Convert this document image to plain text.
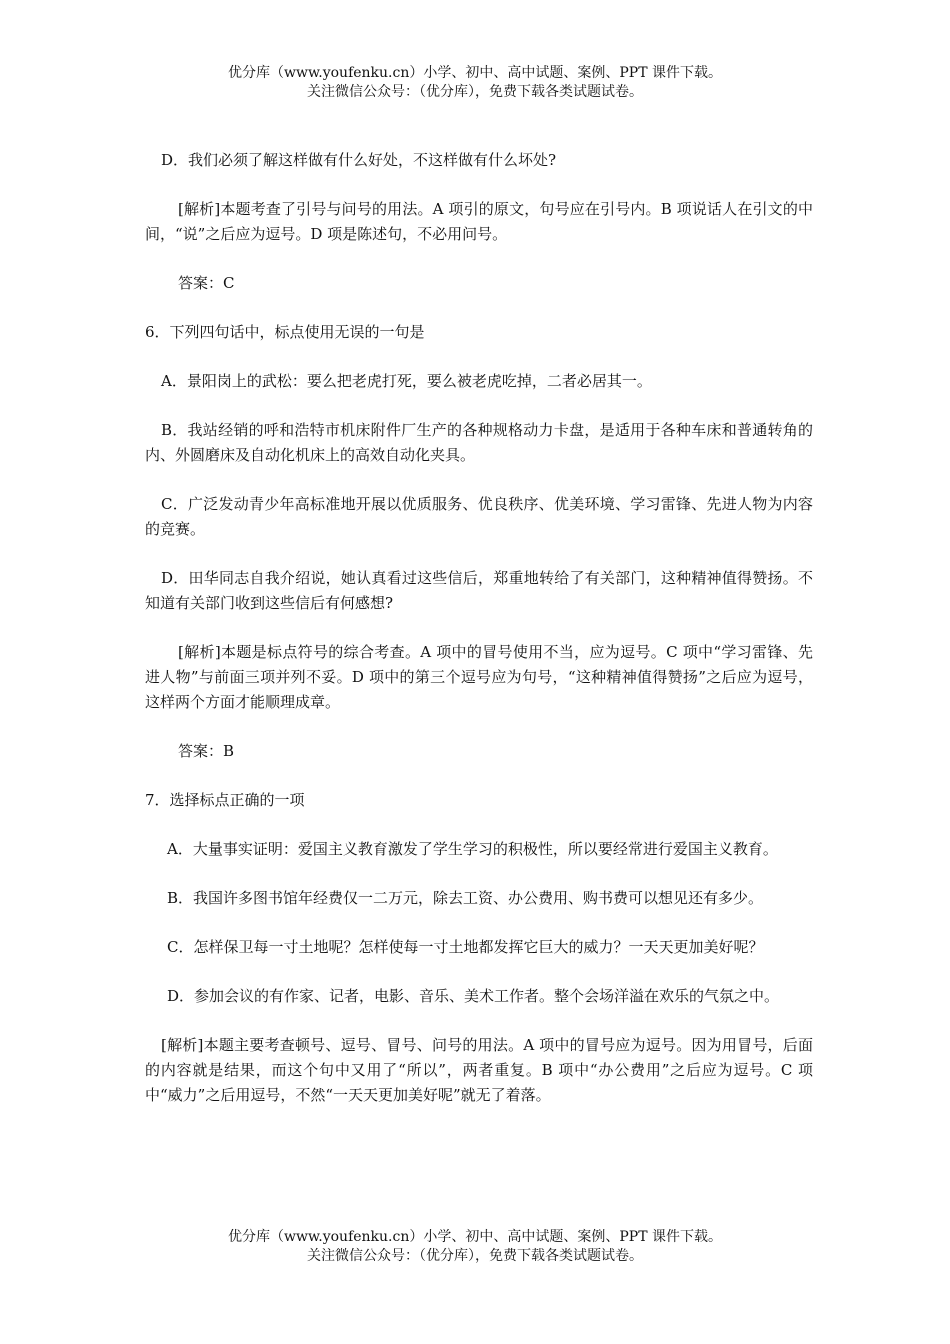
优分库（www.youfenku.cn）小学、初中、高中试题、案例、PPT 课件下载。
关注微信公众号：（优分库），免费下载各类试题试卷。

D．我们必须了解这样做有什么好处，不这样做有什么坏处?

[解析]本题考查了引号与问号的用法。A 项引的原文，句号应在引号内。B 项说话人在引文的中间，“说”之后应为逗号。D 项是陈述句，不必用问号。

答案：C

6．下列四句话中，标点使用无误的一句是

A．景阳岗上的武松：要么把老虎打死，要么被老虎吃掉，二者必居其一。

B．我站经销的呼和浩特市机床附件厂生产的各种规格动力卡盘，是适用于各种车床和普通转角的内、外圆磨床及自动化机床上的高效自动化夹具。

C．广泛发动青少年高标准地开展以优质服务、优良秩序、优美环境、学习雷锋、先进人物为内容的竞赛。

D．田华同志自我介绍说，她认真看过这些信后，郑重地转给了有关部门，这种精神值得赞扬。不知道有关部门收到这些信后有何感想?

[解析]本题是标点符号的综合考查。A 项中的冒号使用不当，应为逗号。C 项中“学习雷锋、先进人物”与前面三项并列不妥。D 项中的第三个逗号应为句号，“这种精神值得赞扬”之后应为逗号，这样两个方面才能顺理成章。

答案：B

7．选择标点正确的一项

A．大量事实证明：爱国主义教育激发了学生学习的积极性，所以要经常进行爱国主义教育。

B．我国许多图书馆年经费仅一二万元，除去工资、办公费用、购书费可以想见还有多少。

C．怎样保卫每一寸土地呢？怎样使每一寸土地都发挥它巨大的威力？一天天更加美好呢？

D．参加会议的有作家、记者，电影、音乐、美术工作者。整个会场洋溢在欢乐的气氛之中。

[解析]本题主要考查顿号、逗号、冒号、问号的用法。A 项中的冒号应为逗号。因为用冒号，后面的内容就是结果，而这个句中又用了“所以”，两者重复。B 项中“办公费用”之后应为逗号。C 项中“威力”之后用逗号，不然“一天天更加美好呢”就无了着落。

优分库（www.youfenku.cn）小学、初中、高中试题、案例、PPT 课件下载。
关注微信公众号：（优分库），免费下载各类试题试卷。
